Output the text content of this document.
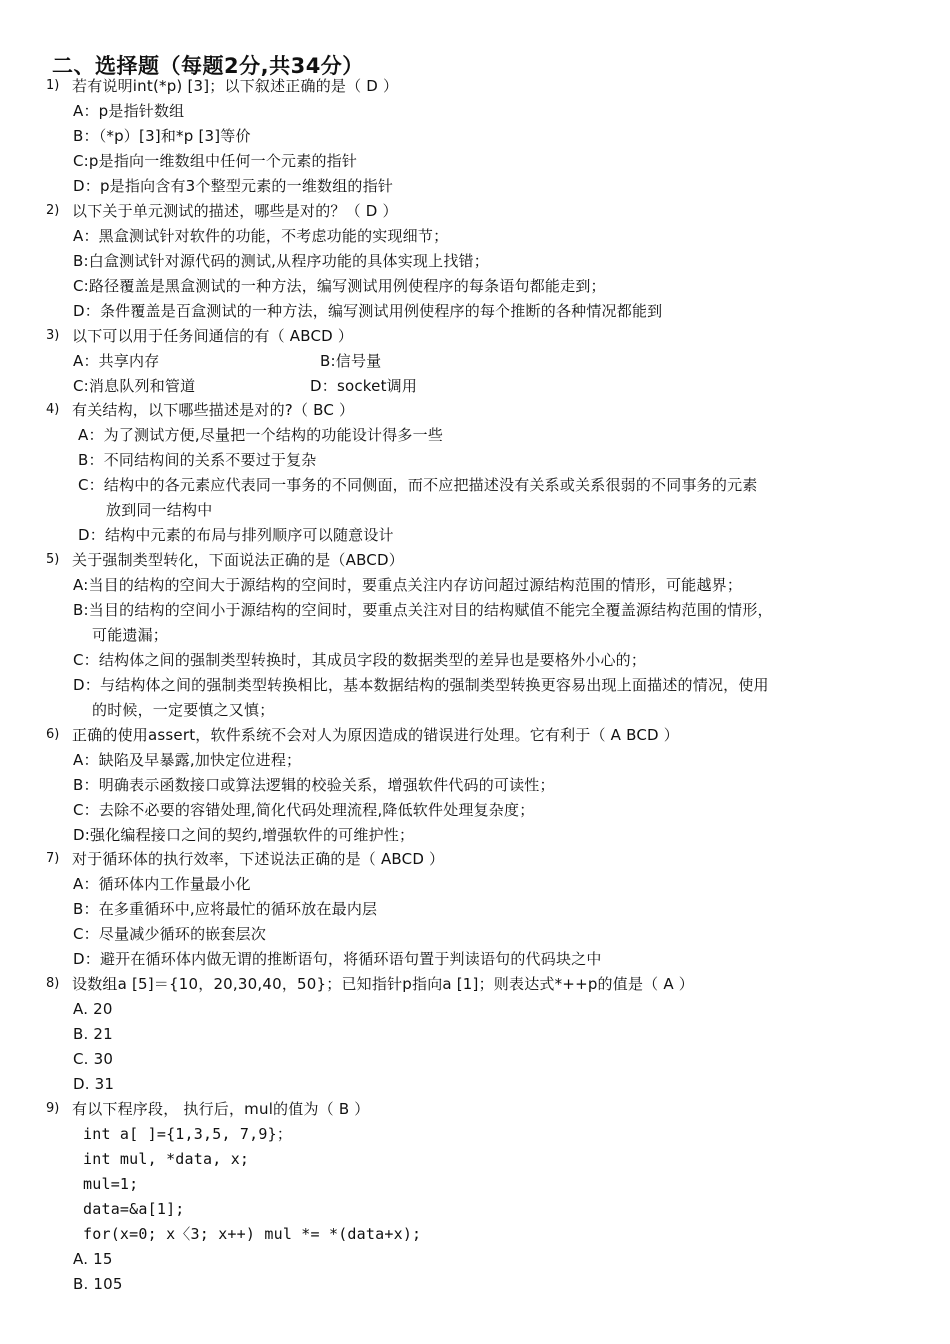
二、选择题（每题2分,共34分）
1) 若有说明int(*p) [3]；以下叙述正确的是（ D ）
A：p是指针数组
B：（*p）[3]和*p [3]等价
C:p是指向一维数组中任何一个元素的指针
D：p是指向含有3个整型元素的一维数组的指针
2) 以下关于单元测试的描述，哪些是对的？（ D ）
A：黑盒测试针对软件的功能，不考虑功能的实现细节；
B:白盒测试针对源代码的测试,从程序功能的具体实现上找错；
C:路径覆盖是黑盒测试的一种方法，编写测试用例使程序的每条语句都能走到；
D：条件覆盖是百盒测试的一种方法，编写测试用例使程序的每个推断的各种情况都能到
3) 以下可以用于任务间通信的有（ ABCD ）
A：共享内存	B:信号量
C:消息队列和管道	D：socket调用
4) 有关结构，以下哪些描述是对的?（ BC ）
A：为了测试方便,尽量把一个结构的功能设计得多一些
B：不同结构间的关系不要过于复杂
C：结构中的各元素应代表同一事务的不同侧面，而不应把描述没有关系或关系很弱的不同事务的元素
放到同一结构中
D：结构中元素的布局与排列顺序可以随意设计
5) 关于强制类型转化，下面说法正确的是（ABCD）
A:当目的结构的空间大于源结构的空间时，要重点关注内存访问超过源结构范围的情形，可能越界；
B:当目的结构的空间小于源结构的空间时，要重点关注对目的结构赋值不能完全覆盖源结构范围的情形，
可能遗漏；
C：结构体之间的强制类型转换时，其成员字段的数据类型的差异也是要格外小心的；
D：与结构体之间的强制类型转换相比，基本数据结构的强制类型转换更容易出现上面描述的情况，使用
的时候，一定要慎之又慎；
6) 正确的使用assert，软件系统不会对人为原因造成的错误进行处理。它有利于（ A BCD ）
A：缺陷及早暴露,加快定位进程；
B：明确表示函数接口或算法逻辑的校验关系，增强软件代码的可读性；
C：去除不必要的容错处理,简化代码处理流程,降低软件处理复杂度；
D:强化编程接口之间的契约,增强软件的可维护性；
7) 对于循环体的执行效率，下述说法正确的是（ ABCD ）
A：循环体内工作量最小化
B：在多重循环中,应将最忙的循环放在最内层
C：尽量减少循环的嵌套层次
D：避开在循环体内做无谓的推断语句，将循环语句置于判读语句的代码块之中
8) 设数组a [5]＝{10，20,30,40，50}；已知指针p指向a [1]；则表达式*++p的值是（ A ）
A. 20
B. 21
C. 30
D. 31
9) 有以下程序段， 执行后，mul的值为（ B ）
int a[ ]={1,3,5, 7,9}；
int mul, *data, x;
mul=1;
data=&a[1];
for(x=0; x〈3; x++) mul *= *(data+x);
A. 15
B. 105
